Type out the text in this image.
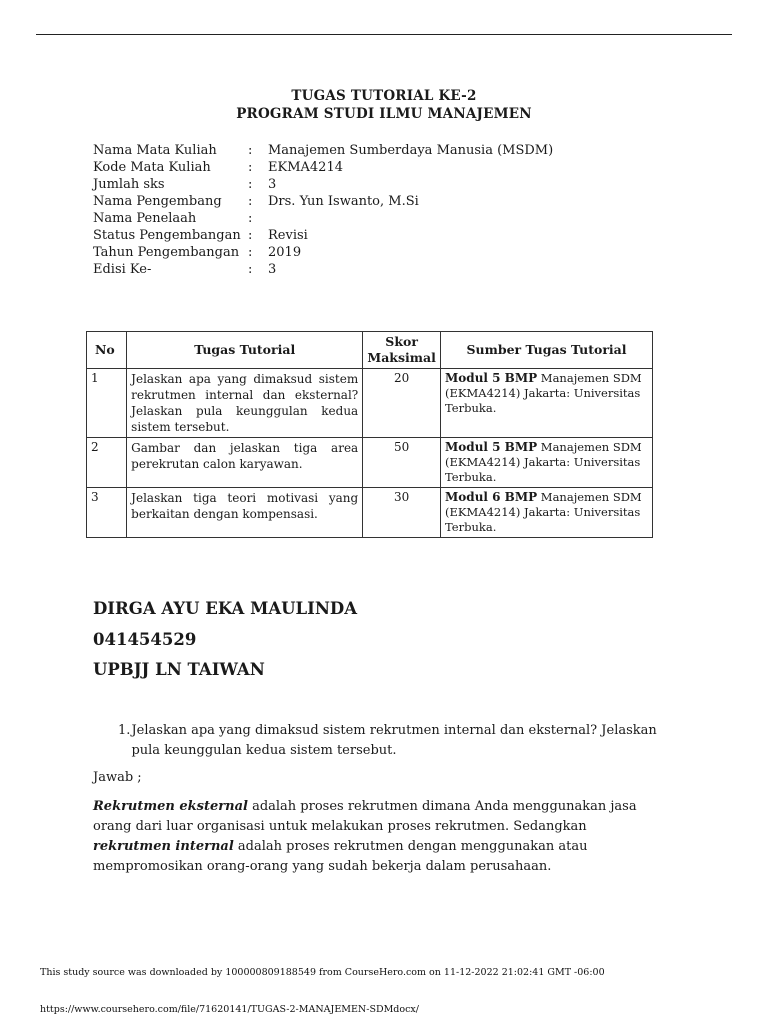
TUGAS TUTORIAL KE-2
PROGRAM STUDI ILMU MANAJEMEN
Nama Mata Kuliah	:	Manajemen Sumberdaya Manusia (MSDM)
Kode Mata Kuliah	:	EKMA4214
Jumlah sks	:	3
Nama Pengembang	:	Drs. Yun Iswanto, M.Si
Nama Penelaah	:
Status Pengembangan :	Revisi
Tahun Pengembangan :	2019
Edisi Ke-	:	3
No	Tugas Tutorial	Skor Maksimal	Sumber Tugas Tutorial
1	Jelaskan apa yang dimaksud sistem rekrutmen internal dan eksternal? Jelaskan pula keunggulan kedua sistem tersebut.	20	Modul 5 BMP Manajemen SDM (EKMA4214) Jakarta: Universitas Terbuka.
2	Gambar dan jelaskan tiga area perekrutan calon karyawan.	50	Modul 5 BMP Manajemen SDM (EKMA4214) Jakarta: Universitas Terbuka.
3	Jelaskan tiga teori motivasi yang berkaitan dengan kompensasi.	30	Modul 6 BMP Manajemen SDM (EKMA4214) Jakarta: Universitas Terbuka.
DIRGA AYU EKA MAULINDA
041454529
UPBJJ LN TAIWAN
1. Jelaskan apa yang dimaksud sistem rekrutmen internal dan eksternal? Jelaskan pula keunggulan kedua sistem tersebut.
Jawab ;
Rekrutmen eksternal adalah proses rekrutmen dimana Anda menggunakan jasa orang dari luar organisasi untuk melakukan proses rekrutmen. Sedangkan rekrutmen internal adalah proses rekrutmen dengan menggunakan atau mempromosikan orang-orang yang sudah bekerja dalam perusahaan.
This study source was downloaded by 100000809188549 from CourseHero.com on 11-12-2022 21:02:41 GMT -06:00
https://www.coursehero.com/file/71620141/TUGAS-2-MANAJEMEN-SDMdocx/
